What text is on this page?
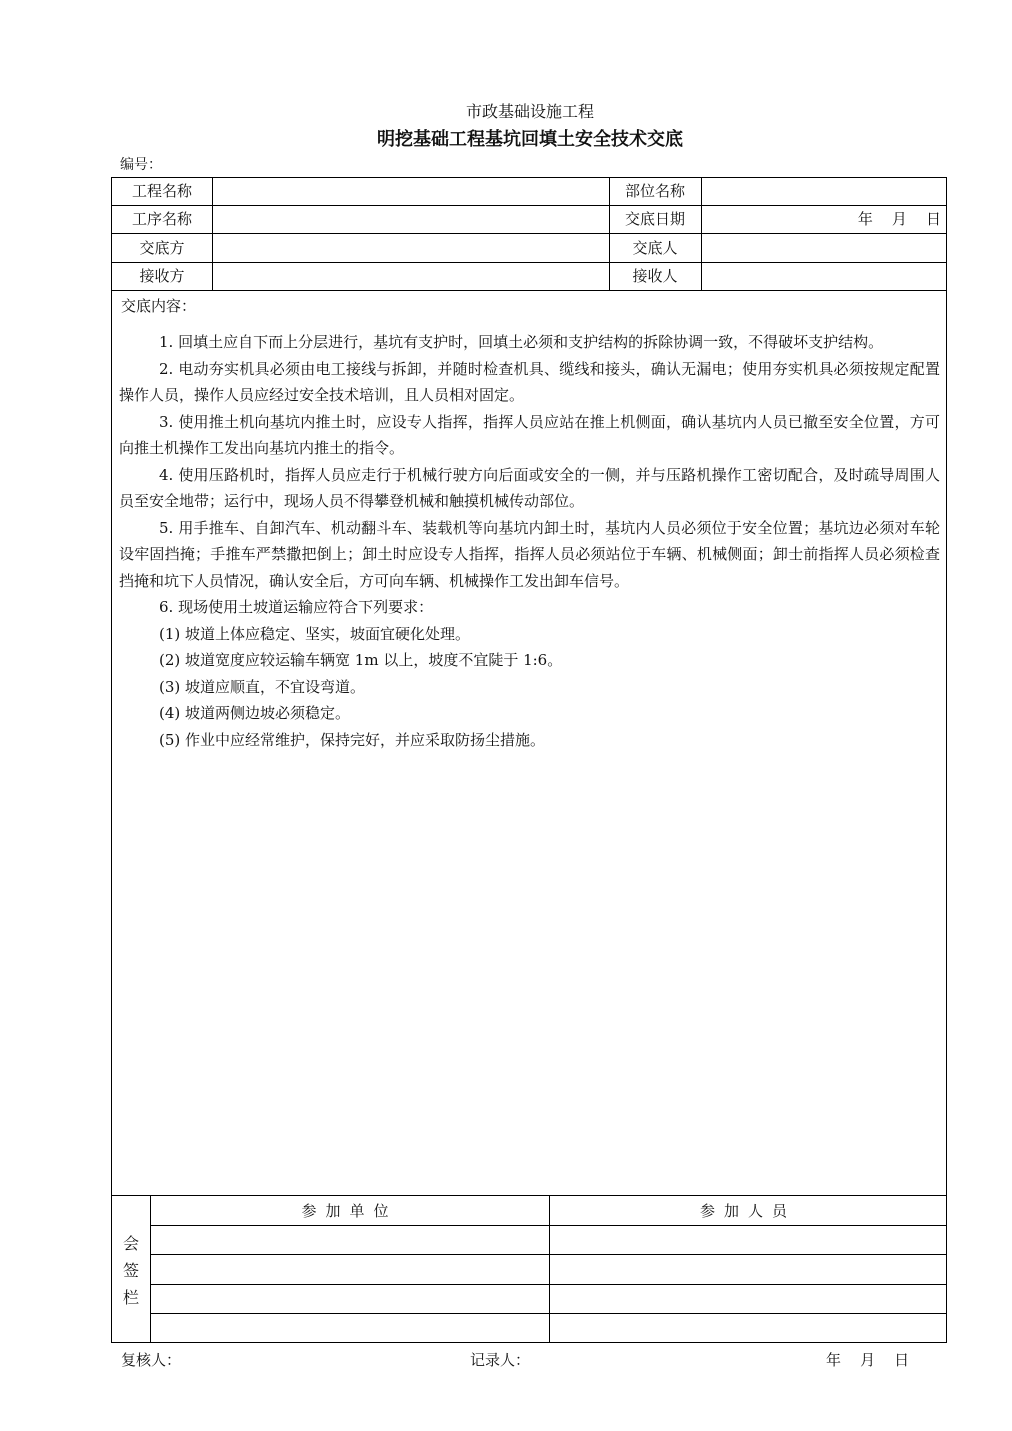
市政基础设施工程
明挖基础工程基坑回填土安全技术交底
编号：
工程名称	部位名称
工序名称	交底日期	年    月    日
交底方	交底人
接收方	接收人
交底内容：

1. 回填土应自下而上分层进行，基坑有支护时，回填土必须和支护结构的拆除协调一致，不得破坏支护结构。

2. 电动夯实机具必须由电工接线与拆卸，并随时检查机具、缆线和接头，确认无漏电；使用夯实机具必须按规定配置操作人员，操作人员应经过安全技术培训，且人员相对固定。

3. 使用推土机向基坑内推土时，应设专人指挥，指挥人员应站在推上机侧面，确认基坑内人员已撤至安全位置，方可向推土机操作工发出向基坑内推土的指令。

4. 使用压路机时，指挥人员应走行于机械行驶方向后面或安全的一侧，并与压路机操作工密切配合，及时疏导周围人员至安全地带；运行中，现场人员不得攀登机械和触摸机械传动部位。

5. 用手推车、自卸汽车、机动翻斗车、装载机等向基坑内卸土时，基坑内人员必须位于安全位置；基坑边必须对车轮设牢固挡掩；手推车严禁撒把倒上；卸土时应设专人指挥，指挥人员必须站位于车辆、机械侧面；卸士前指挥人员必须检查挡掩和坑下人员情况，确认安全后，方可向车辆、机械操作工发出卸车信号。

6. 现场使用土坡道运输应符合下列要求：

(1) 坡道上体应稳定、坚实，坡面宜硬化处理。

(2) 坡道宽度应较运输车辆宽 1m 以上，坡度不宜陡于 1:6。

(3) 坡道应顺直，不宜设弯道。

(4) 坡道两侧边坡必须稳定。

(5) 作业中应经常维护，保持完好，并应采取防扬尘措施。

会
签
栏
参加单位	参加人员
复核人：	记录人：	年    月    日
